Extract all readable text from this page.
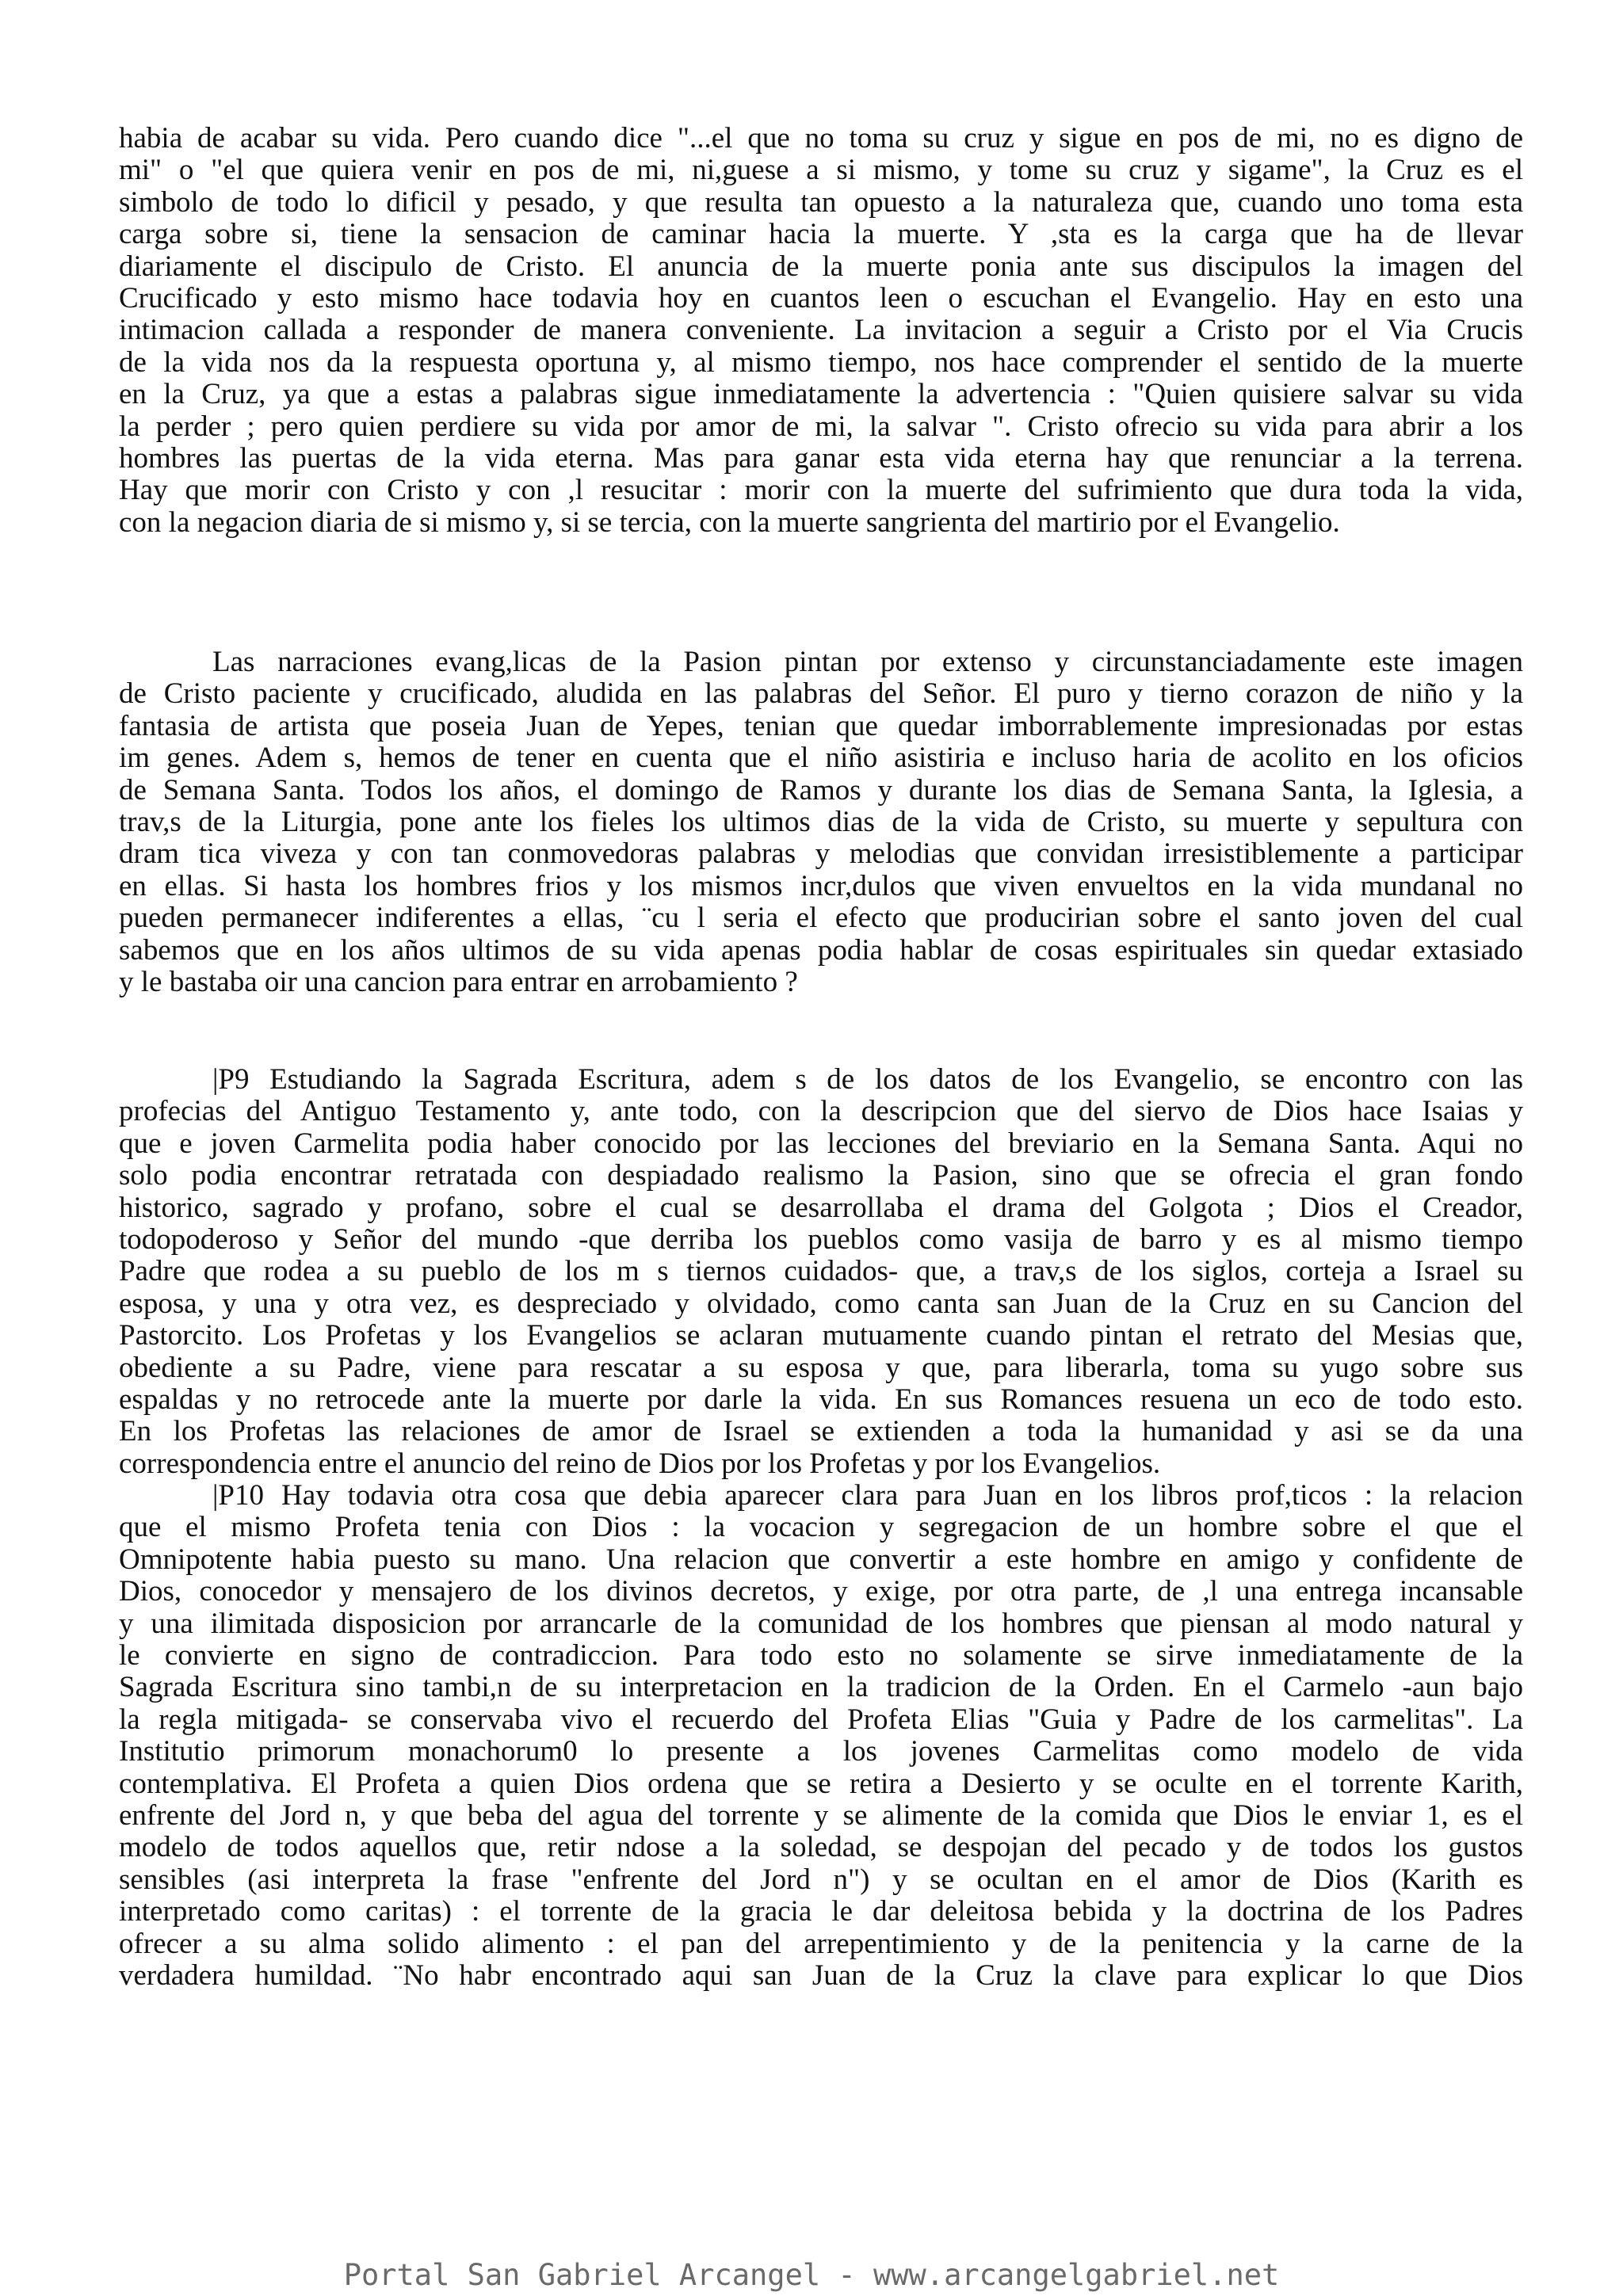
habia de acabar su vida. Pero cuando dice "...el que no toma su cruz y sigue en pos de mi, no es digno de

mi" o "el que quiera venir en pos de mi, ni,guese a si mismo, y tome su cruz y sigame", la Cruz es el

simbolo de todo lo dificil y pesado, y que resulta tan opuesto a la naturaleza que, cuando uno toma esta

carga sobre si, tiene la sensacion de caminar hacia la muerte. Y ,sta es la carga que ha de llevar

diariamente el discipulo de Cristo. El anuncia de la muerte ponia ante sus discipulos la imagen del

Crucificado y esto mismo hace todavia hoy en cuantos leen o escuchan el Evangelio. Hay en esto una

intimacion callada a responder de manera conveniente. La invitacion a seguir a Cristo por el Via Crucis

de la vida nos da la respuesta oportuna y, al mismo tiempo, nos hace comprender el sentido de la muerte

en la Cruz, ya que a estas a palabras sigue inmediatamente la advertencia : "Quien quisiere salvar su vida

la perder ; pero quien perdiere su vida por amor de mi, la salvar ". Cristo ofrecio su vida para abrir a los

hombres las puertas de la vida eterna. Mas para ganar esta vida eterna hay que renunciar a la terrena.

Hay que morir con Cristo y con ,l resucitar : morir con la muerte del sufrimiento que dura toda la vida,

con la negacion diaria de si mismo y, si se tercia, con la muerte sangrienta del martirio por el Evangelio.

Las narraciones evang,licas de la Pasion pintan por extenso y circunstanciadamente este imagen

de Cristo paciente y crucificado, aludida en las palabras del Señor. El puro y tierno corazon de niño y la

fantasia de artista que poseia Juan de Yepes, tenian que quedar imborrablemente impresionadas por estas

im genes. Adem s, hemos de tener en cuenta que el niño asistiria e incluso haria de acolito en los oficios

de Semana Santa. Todos los años, el domingo de Ramos y durante los dias de Semana Santa, la Iglesia, a

trav,s de la Liturgia, pone ante los fieles los ultimos dias de la vida de Cristo, su muerte y sepultura con

dram tica viveza y con tan conmovedoras palabras y melodias que convidan irresistiblemente a participar

en ellas. Si hasta los hombres frios y los mismos incr,dulos que viven envueltos en la vida mundanal no

pueden permanecer indiferentes a ellas, ¨cu l seria el efecto que producirian sobre el santo joven del cual

sabemos que en los años ultimos de su vida apenas podia hablar de cosas espirituales sin quedar extasiado

y le bastaba oir una cancion para entrar en arrobamiento ?

|P9 Estudiando la Sagrada Escritura, adem s de los datos de los Evangelio, se encontro con las

profecias del Antiguo Testamento y, ante todo, con la descripcion que del siervo de Dios hace Isaias y

que e joven Carmelita podia haber conocido por las lecciones del breviario en la Semana Santa. Aqui no

solo podia encontrar retratada con despiadado realismo la Pasion, sino que se ofrecia el gran fondo

historico, sagrado y profano, sobre el cual se desarrollaba el drama del Golgota ; Dios el Creador,

todopoderoso y Señor del mundo -que derriba los pueblos como vasija de barro y es al mismo tiempo

Padre que rodea a su pueblo de los m s tiernos cuidados- que, a trav,s de los siglos, corteja a Israel su

esposa, y una y otra vez, es despreciado y olvidado, como canta san Juan de la Cruz en su Cancion del

Pastorcito. Los Profetas y los Evangelios se aclaran mutuamente cuando pintan el retrato del Mesias que,

obediente a su Padre, viene para rescatar a su esposa y que, para liberarla, toma su yugo sobre sus

espaldas y no retrocede ante la muerte por darle la vida. En sus Romances resuena un eco de todo esto.

En los Profetas las relaciones de amor de Israel se extienden a toda la humanidad y asi se da una

correspondencia entre el anuncio del reino de Dios por los Profetas y por los Evangelios.

|P10 Hay todavia otra cosa que debia aparecer clara para Juan en los libros prof,ticos : la relacion

que el mismo Profeta tenia con Dios : la vocacion y segregacion de un hombre sobre el que el

Omnipotente habia puesto su mano. Una relacion que convertir a este hombre en amigo y confidente de

Dios, conocedor y mensajero de los divinos decretos, y exige, por otra parte, de ,l una entrega incansable

y una ilimitada disposicion por arrancarle de la comunidad de los hombres que piensan al modo natural y

le convierte en signo de contradiccion. Para todo esto no solamente se sirve inmediatamente de la

Sagrada Escritura sino tambi,n de su interpretacion en la tradicion de la Orden. En el Carmelo -aun bajo

la regla mitigada- se conservaba vivo el recuerdo del Profeta Elias "Guia y Padre de los carmelitas". La

Institutio primorum monachorum0 lo presente a los jovenes Carmelitas como modelo de vida

contemplativa. El Profeta a quien Dios ordena que se retira a Desierto y se oculte en el torrente Karith,

enfrente del Jord n, y que beba del agua del torrente y se alimente de la comida que Dios le enviar 1, es el

modelo de todos aquellos que, retir ndose a la soledad, se despojan del pecado y de todos los gustos

sensibles (asi interpreta la frase "enfrente del Jord n") y se ocultan en el amor de Dios (Karith es

interpretado como caritas) : el torrente de la gracia le dar deleitosa bebida y la doctrina de los Padres

ofrecer a su alma solido alimento : el pan del arrepentimiento y de la penitencia y la carne de la

verdadera humildad. ¨No habr encontrado aqui san Juan de la Cruz la clave para explicar lo que Dios

Portal San Gabriel Arcangel - www.arcangelgabriel.net
